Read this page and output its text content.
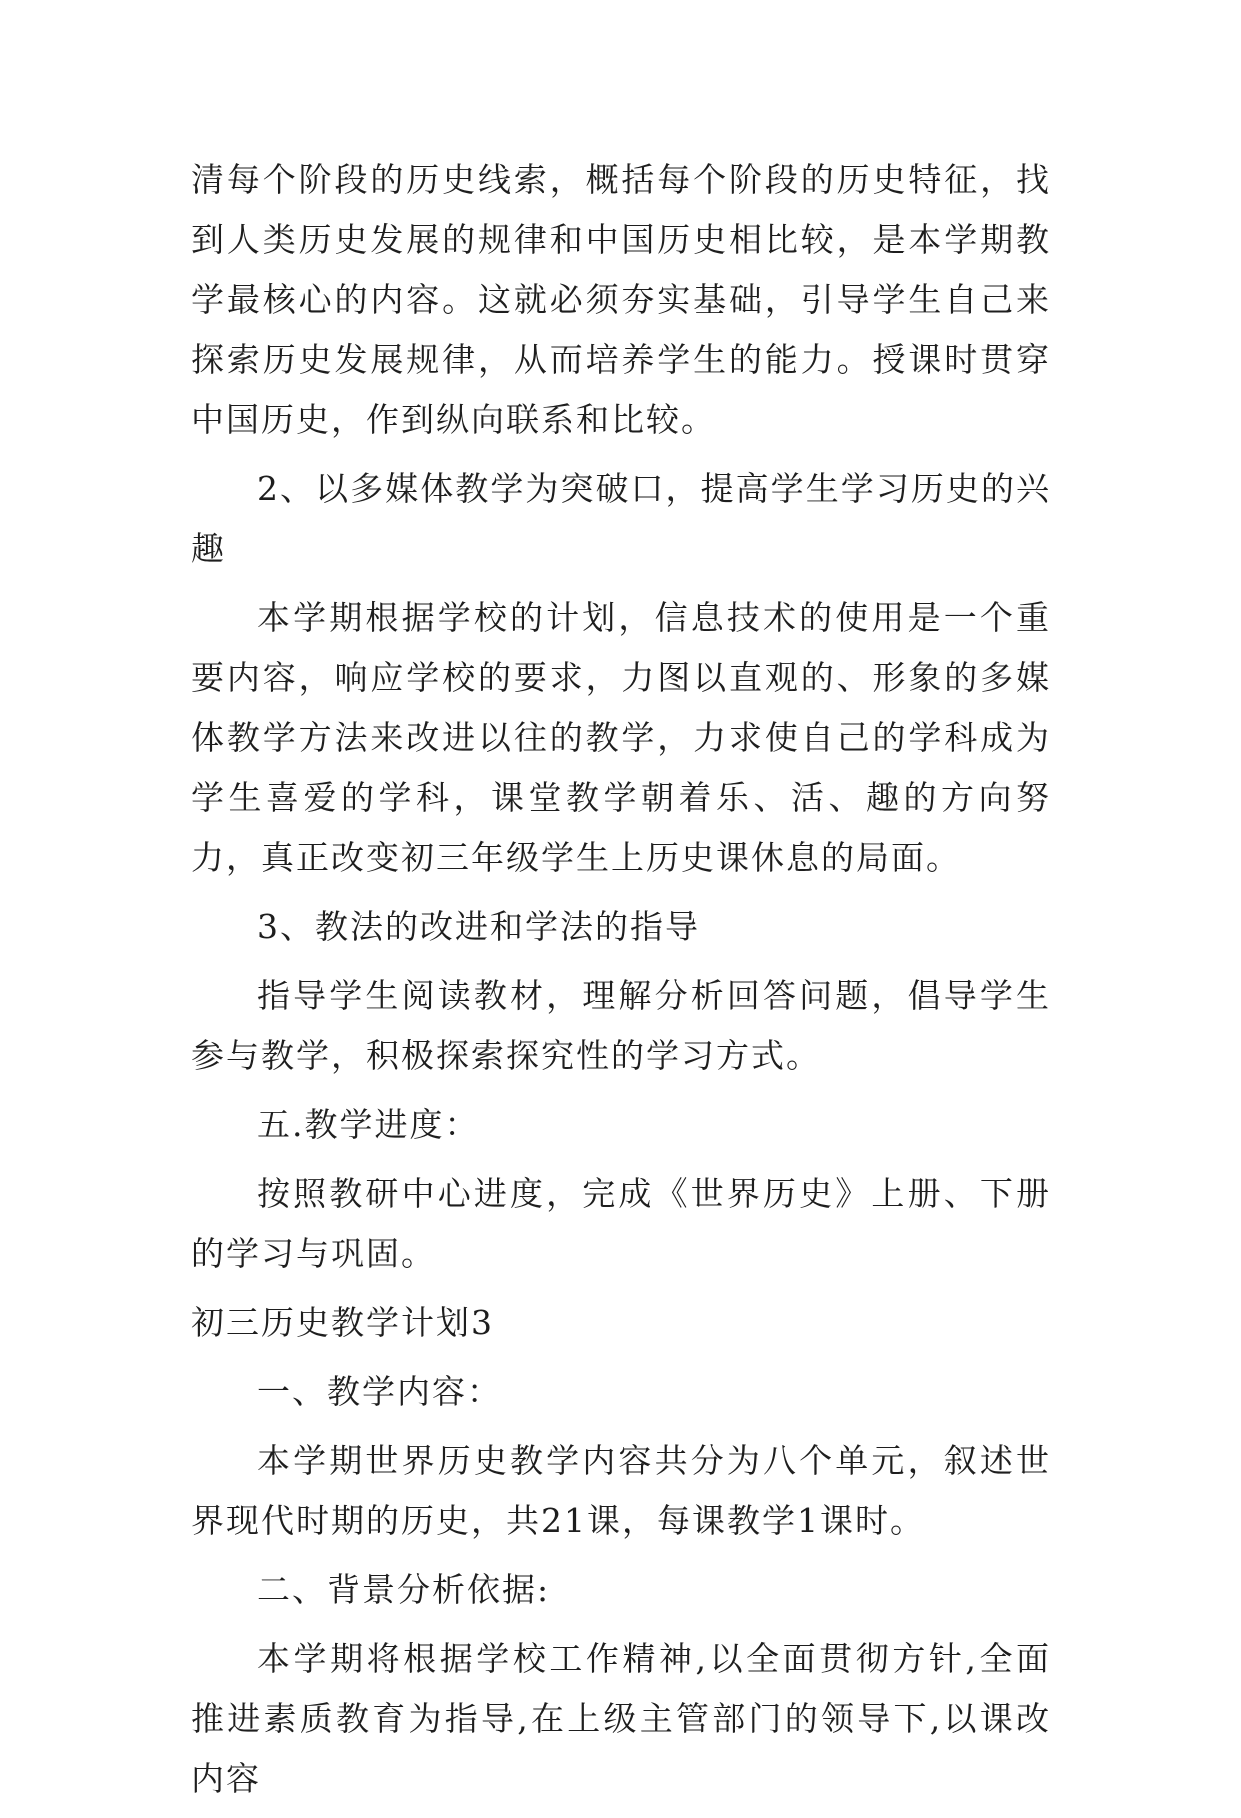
清每个阶段的历史线索，概括每个阶段的历史特征，找到人类历史发展的规律和中国历史相比较，是本学期教学最核心的内容。这就必须夯实基础，引导学生自己来探索历史发展规律，从而培养学生的能力。授课时贯穿中国历史，作到纵向联系和比较。

2、以多媒体教学为突破口，提高学生学习历史的兴趣

本学期根据学校的计划，信息技术的使用是一个重要内容，响应学校的要求，力图以直观的、形象的多媒体教学方法来改进以往的教学，力求使自己的学科成为学生喜爱的学科，课堂教学朝着乐、活、趣的方向努力，真正改变初三年级学生上历史课休息的局面。

3、教法的改进和学法的指导

指导学生阅读教材，理解分析回答问题，倡导学生参与教学，积极探索探究性的学习方式。

五.教学进度：

按照教研中心进度，完成《世界历史》上册、下册的学习与巩固。

初三历史教学计划3

一、教学内容：

本学期世界历史教学内容共分为八个单元，叙述世界现代时期的历史，共21课，每课教学1课时。

二、背景分析依据:

本学期将根据学校工作精神,以全面贯彻方针,全面推进素质教育为指导,在上级主管部门的领导下,以课改内容
